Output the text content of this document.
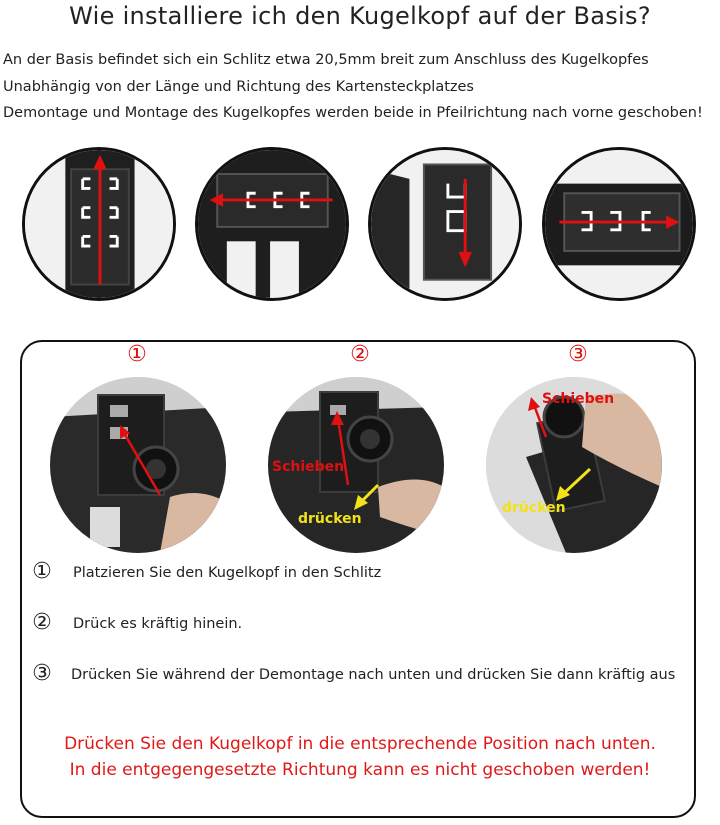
Wie installiere ich den Kugelkopf auf der Basis?
An der Basis befindet sich ein Schlitz etwa 20,5mm breit zum Anschluss des Kugelkopfes
Unabhängig von der Länge und Richtung des Kartensteckplatzes
Demontage und Montage des Kugelkopfes werden beide in Pfeilrichtung nach vorne geschoben!
①	②	③
Schieben
drücken
Schieben
drücken
①	Platzieren Sie den Kugelkopf in den Schlitz
②	Drück es kräftig hinein.
③	Drücken Sie während der Demontage nach unten und drücken Sie dann kräftig aus
Drücken Sie den Kugelkopf in die entsprechende Position nach unten.
In die entgegengesetzte Richtung kann es nicht geschoben werden!
